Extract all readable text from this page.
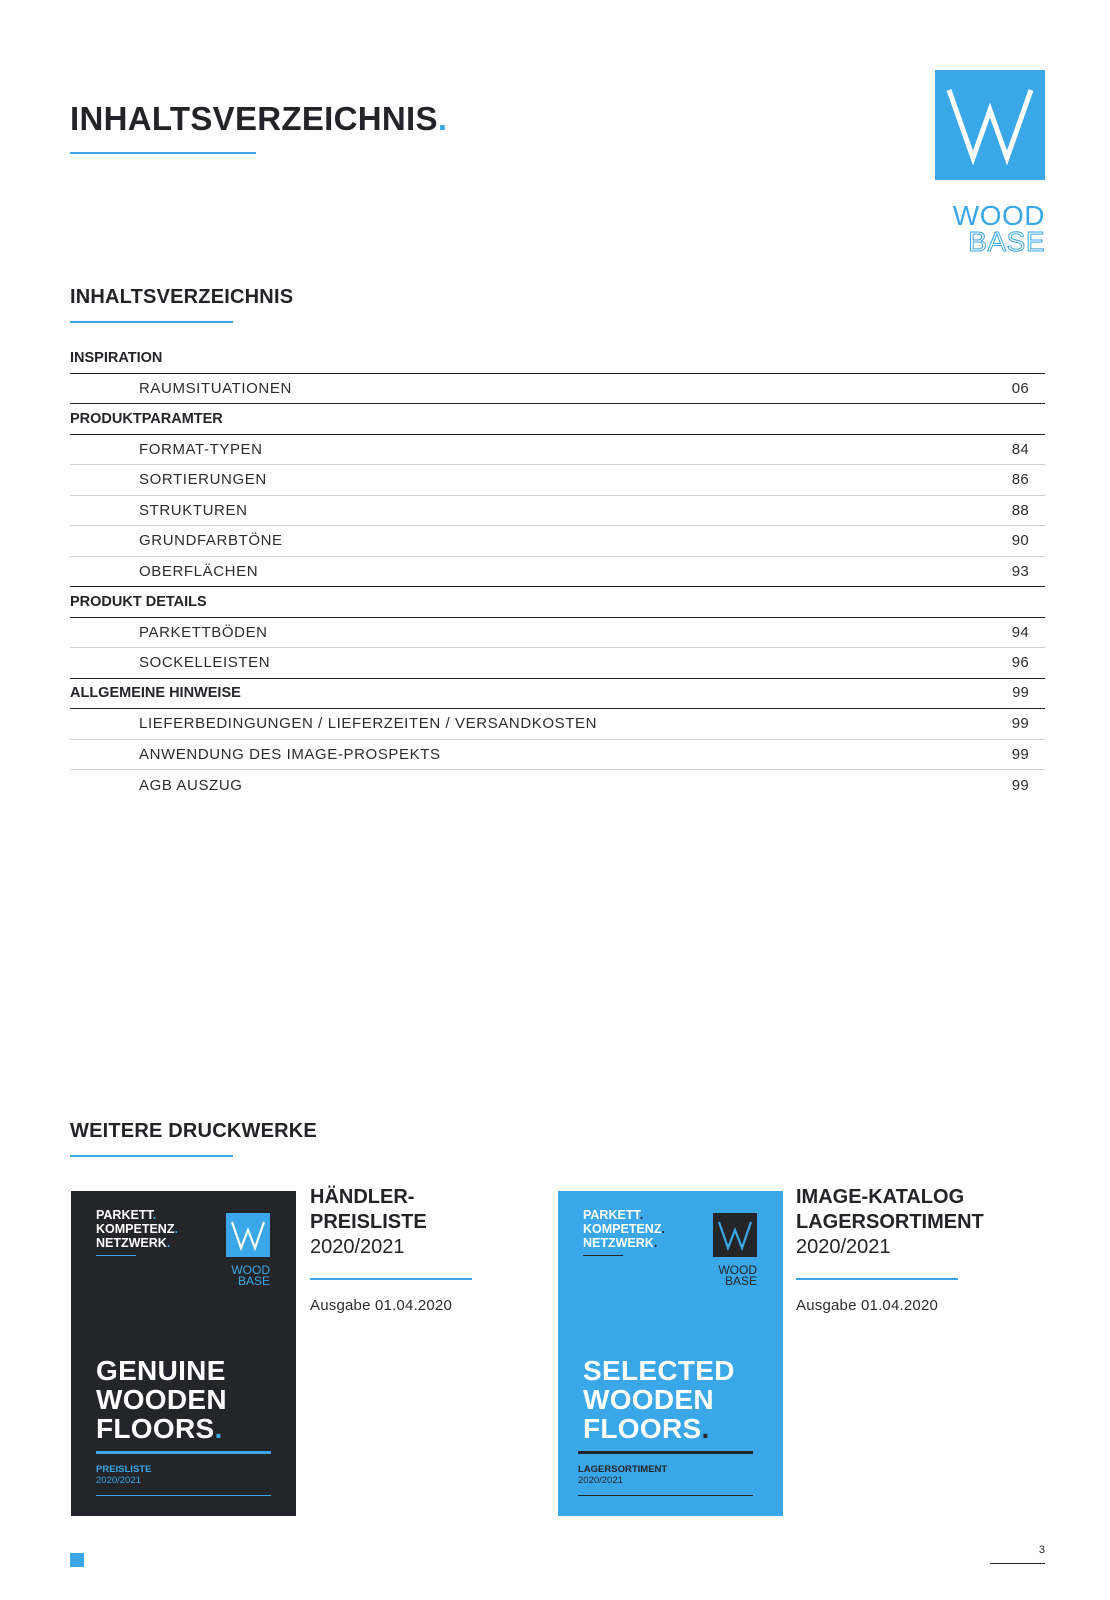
INHALTSVERZEICHNIS.
WOOD
BASE
INHALTSVERZEICHNIS
INSPIRATION
RAUMSITUATIONEN	06
PRODUKTPARAMTER
FORMAT-TYPEN	84
SORTIERUNGEN	86
STRUKTUREN	88
GRUNDFARBTÖNE	90
OBERFLÄCHEN	93
PRODUKT DETAILS
PARKETTBÖDEN	94
SOCKELLEISTEN	96
ALLGEMEINE HINWEISE	99
LIEFERBEDINGUNGEN / LIEFERZEITEN / VERSANDKOSTEN	99
ANWENDUNG DES IMAGE-PROSPEKTS	99
AGB AUSZUG	99
WEITERE DRUCKWERKE
PARKETT.
KOMPETENZ.
NETZWERK.
WOOD
BASE
GENUINE
WOODEN
FLOORS.
PREISLISTE
2020/2021
HÄNDLER-
PREISLISTE
2020/2021
Ausgabe 01.04.2020
PARKETT.
KOMPETENZ.
NETZWERK.
WOOD
BASE
SELECTED
WOODEN
FLOORS.
LAGERSORTIMENT
2020/2021
IMAGE-KATALOG
LAGERSORTIMENT
2020/2021
Ausgabe 01.04.2020
3
